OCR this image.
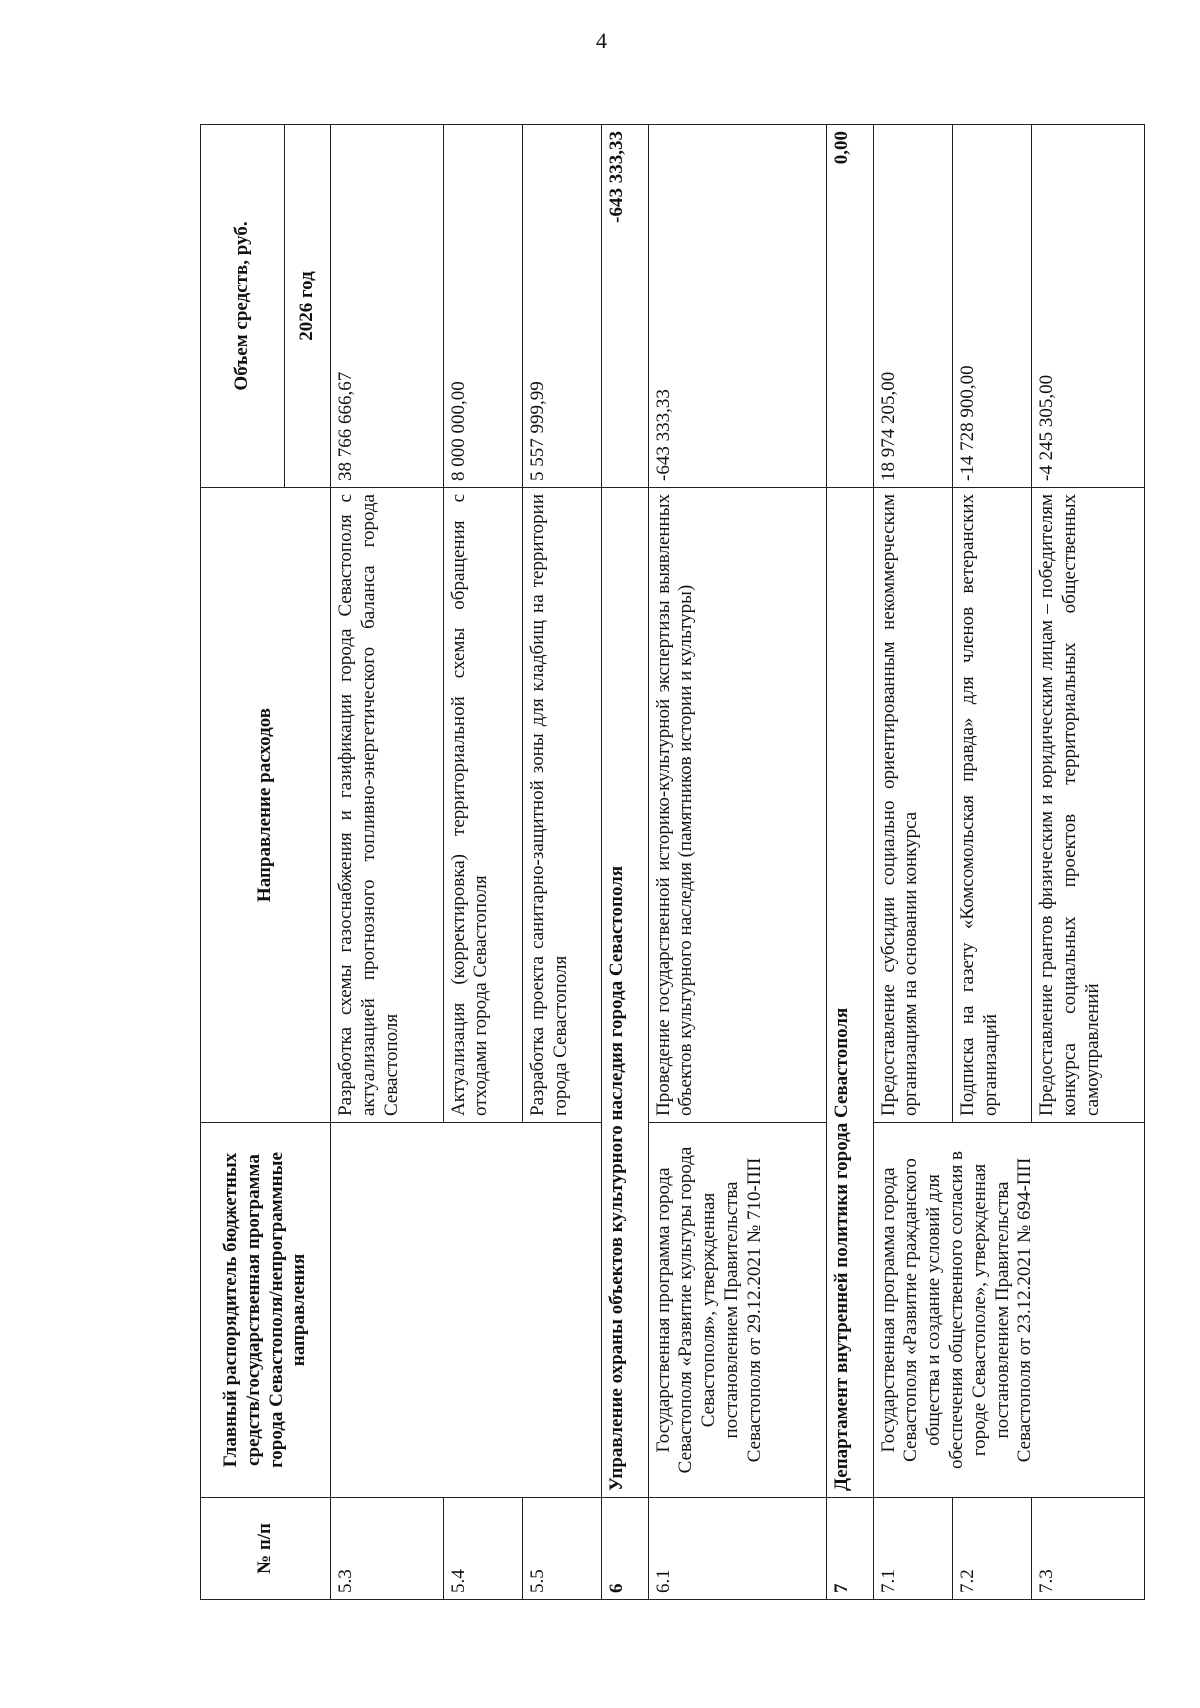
4
№ п/п	Главный распорядитель бюджетных средств/государственная программа города Севастополя/непрограммные направления	Направление расходов	Объем средств, руб.
			2026 год
5.3		Разработка схемы газоснабжения и газификации города Севастополя с актуализацией прогнозного топливно-энергетического баланса города Севастополя	38 766 666,67
5.4		Актуализация (корректировка) территориальной схемы обращения с отходами города Севастополя	8 000 000,00
5.5		Разработка проекта санитарно-защитной зоны для кладбищ на территории города Севастополя	5 557 999,99
6	Управление охраны объектов культурного наследия города Севастополя		-643 333,33
6.1	Государственная программа города Севастополя «Развитие культуры города Севастополя», утвержденная постановлением Правительства Севастополя от 29.12.2021 № 710-ПП	Проведение государственной историко-культурной экспертизы выявленных объектов культурного наследия (памятников истории и культуры)	-643 333,33
7	Департамент внутренней политики города Севастополя		0,00
7.1	Государственная программа города Севастополя «Развитие гражданского общества и создание условий для обеспечения общественного согласия в городе Севастополе», утвержденная постановлением Правительства Севастополя от 23.12.2021 № 694-ПП	Предоставление субсидии социально ориентированным некоммерческим организациям на основании конкурса	18 974 205,00
7.2		Подписка на газету «Комсомольская правда» для членов ветеранских организаций	-14 728 900,00
7.3		Предоставление грантов физическим и юридическим лицам – победителям конкурса социальных проектов территориальных общественных самоуправлений	-4 245 305,00
